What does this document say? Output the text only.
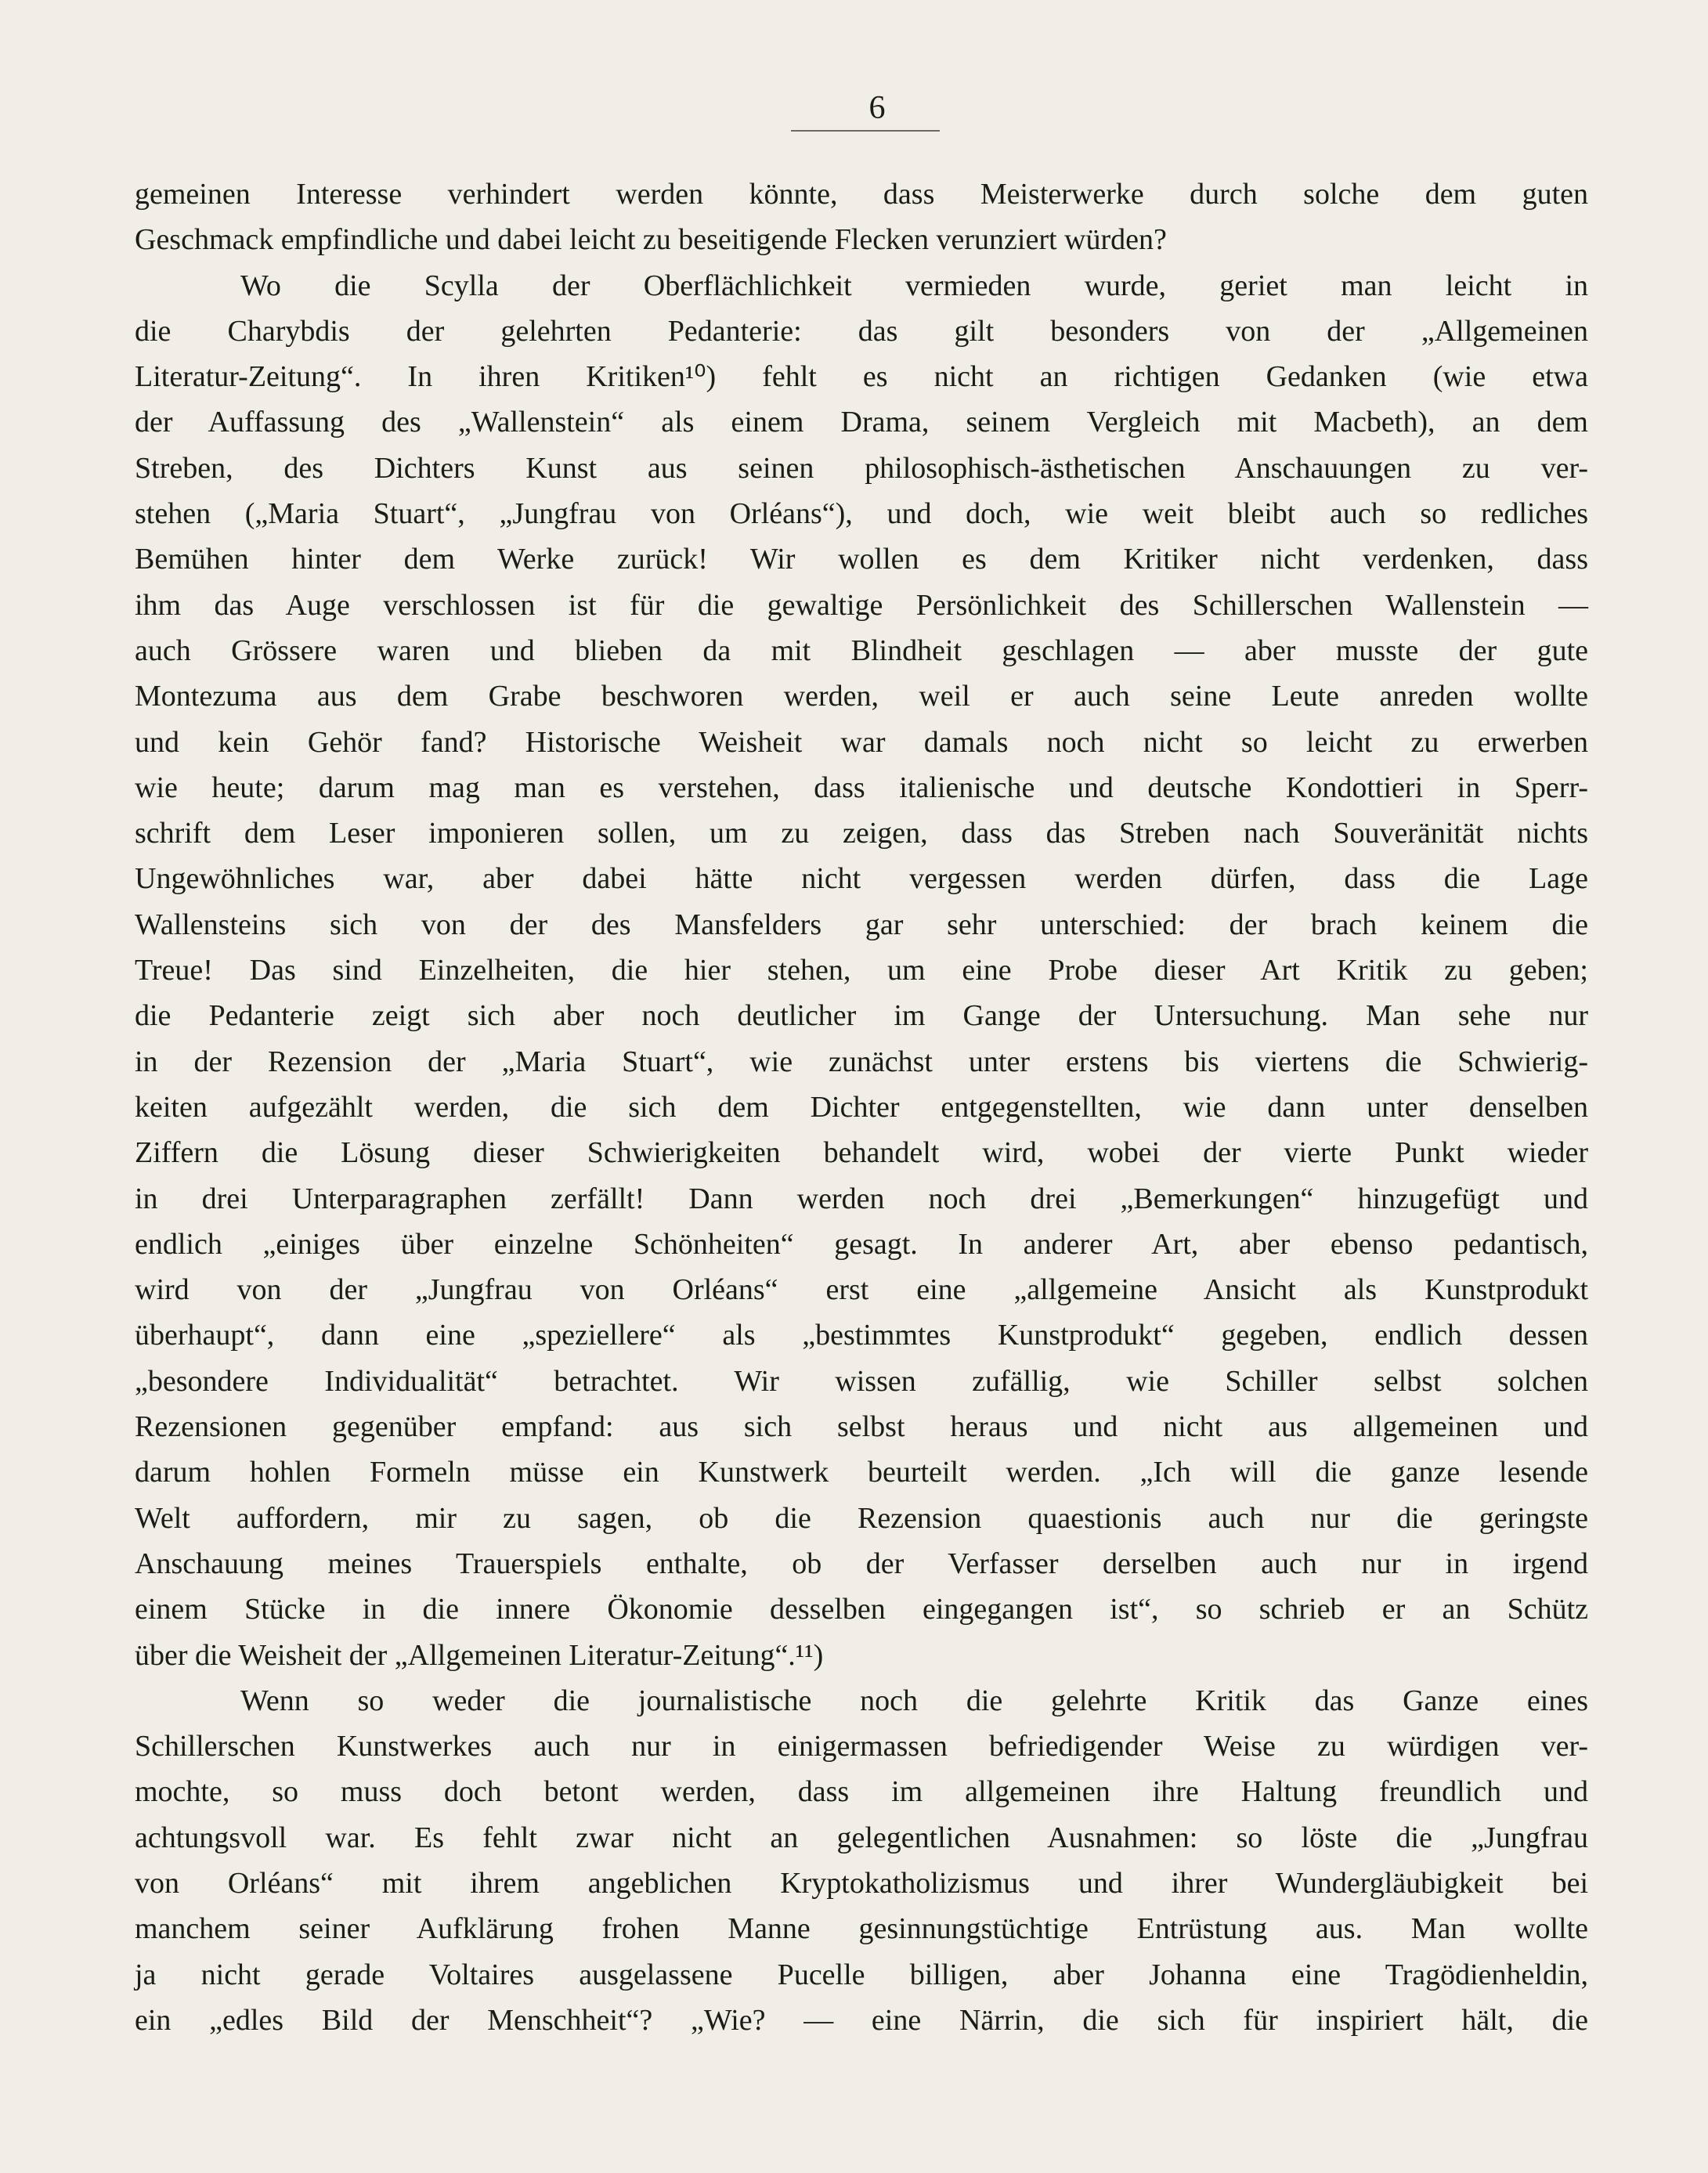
6
gemeinen Interesse verhindert werden könnte, dass Meisterwerke durch solche dem guten
Geschmack empfindliche und dabei leicht zu beseitigende Flecken verunziert würden?
Wo die Scylla der Oberflächlichkeit vermieden wurde, geriet man leicht in
die Charybdis der gelehrten Pedanterie: das gilt besonders von der „Allgemeinen
Literatur-Zeitung“. In ihren Kritiken¹⁰) fehlt es nicht an richtigen Gedanken (wie etwa
der Auffassung des „Wallenstein“ als einem Drama, seinem Vergleich mit Macbeth), an dem
Streben, des Dichters Kunst aus seinen philosophisch-ästhetischen Anschauungen zu ver-
stehen („Maria Stuart“, „Jungfrau von Orléans“), und doch, wie weit bleibt auch so redliches
Bemühen hinter dem Werke zurück! Wir wollen es dem Kritiker nicht verdenken, dass
ihm das Auge verschlossen ist für die gewaltige Persönlichkeit des Schillerschen Wallenstein —
auch Grössere waren und blieben da mit Blindheit geschlagen — aber musste der gute
Montezuma aus dem Grabe beschworen werden, weil er auch seine Leute anreden wollte
und kein Gehör fand? Historische Weisheit war damals noch nicht so leicht zu erwerben
wie heute; darum mag man es verstehen, dass italienische und deutsche Kondottieri in Sperr-
schrift dem Leser imponieren sollen, um zu zeigen, dass das Streben nach Souveränität nichts
Ungewöhnliches war, aber dabei hätte nicht vergessen werden dürfen, dass die Lage
Wallensteins sich von der des Mansfelders gar sehr unterschied: der brach keinem die
Treue! Das sind Einzelheiten, die hier stehen, um eine Probe dieser Art Kritik zu geben;
die Pedanterie zeigt sich aber noch deutlicher im Gange der Untersuchung. Man sehe nur
in der Rezension der „Maria Stuart“, wie zunächst unter erstens bis viertens die Schwierig-
keiten aufgezählt werden, die sich dem Dichter entgegenstellten, wie dann unter denselben
Ziffern die Lösung dieser Schwierigkeiten behandelt wird, wobei der vierte Punkt wieder
in drei Unterparagraphen zerfällt! Dann werden noch drei „Bemerkungen“ hinzugefügt und
endlich „einiges über einzelne Schönheiten“ gesagt. In anderer Art, aber ebenso pedantisch,
wird von der „Jungfrau von Orléans“ erst eine „allgemeine Ansicht als Kunstprodukt
überhaupt“, dann eine „speziellere“ als „bestimmtes Kunstprodukt“ gegeben, endlich dessen
„besondere Individualität“ betrachtet. Wir wissen zufällig, wie Schiller selbst solchen
Rezensionen gegenüber empfand: aus sich selbst heraus und nicht aus allgemeinen und
darum hohlen Formeln müsse ein Kunstwerk beurteilt werden. „Ich will die ganze lesende
Welt auffordern, mir zu sagen, ob die Rezension quaestionis auch nur die geringste
Anschauung meines Trauerspiels enthalte, ob der Verfasser derselben auch nur in irgend
einem Stücke in die innere Ökonomie desselben eingegangen ist“, so schrieb er an Schütz
über die Weisheit der „Allgemeinen Literatur-Zeitung“.¹¹)
Wenn so weder die journalistische noch die gelehrte Kritik das Ganze eines
Schillerschen Kunstwerkes auch nur in einigermassen befriedigender Weise zu würdigen ver-
mochte, so muss doch betont werden, dass im allgemeinen ihre Haltung freundlich und
achtungsvoll war. Es fehlt zwar nicht an gelegentlichen Ausnahmen: so löste die „Jungfrau
von Orléans“ mit ihrem angeblichen Kryptokatholizismus und ihrer Wundergläubigkeit bei
manchem seiner Aufklärung frohen Manne gesinnungstüchtige Entrüstung aus. Man wollte
ja nicht gerade Voltaires ausgelassene Pucelle billigen, aber Johanna eine Tragödienheldin,
ein „edles Bild der Menschheit“? „Wie? — eine Närrin, die sich für inspiriert hält, die
